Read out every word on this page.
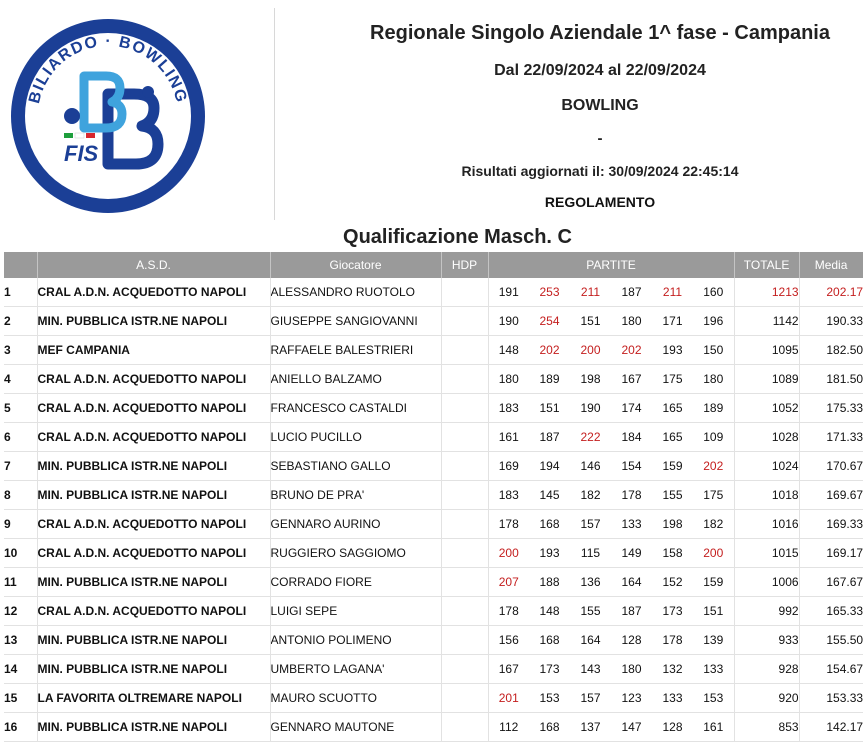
BILIARDO · BOWLING
FIS
Regionale Singolo Aziendale 1^ fase - Campania
Dal 22/09/2024 al 22/09/2024
BOWLING
-
Risultati aggiornati il: 30/09/2024 22:45:14
REGOLAMENTO
Qualificazione Masch. C
	A.S.D.	Giocatore	HDP	PARTITE						TOTALE	Media
1	CRAL A.D.N. ACQUEDOTTO NAPOLI	ALESSANDRO RUOTOLO		191	253	211	187	211	160	1213	202.17
2	MIN. PUBBLICA ISTR.NE NAPOLI	GIUSEPPE SANGIOVANNI		190	254	151	180	171	196	1142	190.33
3	MEF CAMPANIA	RAFFAELE BALESTRIERI		148	202	200	202	193	150	1095	182.50
4	CRAL A.D.N. ACQUEDOTTO NAPOLI	ANIELLO BALZAMO		180	189	198	167	175	180	1089	181.50
5	CRAL A.D.N. ACQUEDOTTO NAPOLI	FRANCESCO CASTALDI		183	151	190	174	165	189	1052	175.33
6	CRAL A.D.N. ACQUEDOTTO NAPOLI	LUCIO PUCILLO		161	187	222	184	165	109	1028	171.33
7	MIN. PUBBLICA ISTR.NE NAPOLI	SEBASTIANO GALLO		169	194	146	154	159	202	1024	170.67
8	MIN. PUBBLICA ISTR.NE NAPOLI	BRUNO DE PRA'		183	145	182	178	155	175	1018	169.67
9	CRAL A.D.N. ACQUEDOTTO NAPOLI	GENNARO AURINO		178	168	157	133	198	182	1016	169.33
10	CRAL A.D.N. ACQUEDOTTO NAPOLI	RUGGIERO SAGGIOMO		200	193	115	149	158	200	1015	169.17
11	MIN. PUBBLICA ISTR.NE NAPOLI	CORRADO FIORE		207	188	136	164	152	159	1006	167.67
12	CRAL A.D.N. ACQUEDOTTO NAPOLI	LUIGI SEPE		178	148	155	187	173	151	992	165.33
13	MIN. PUBBLICA ISTR.NE NAPOLI	ANTONIO POLIMENO		156	168	164	128	178	139	933	155.50
14	MIN. PUBBLICA ISTR.NE NAPOLI	UMBERTO LAGANA'		167	173	143	180	132	133	928	154.67
15	LA FAVORITA OLTREMARE NAPOLI	MAURO SCUOTTO		201	153	157	123	133	153	920	153.33
16	MIN. PUBBLICA ISTR.NE NAPOLI	GENNARO MAUTONE		112	168	137	147	128	161	853	142.17
